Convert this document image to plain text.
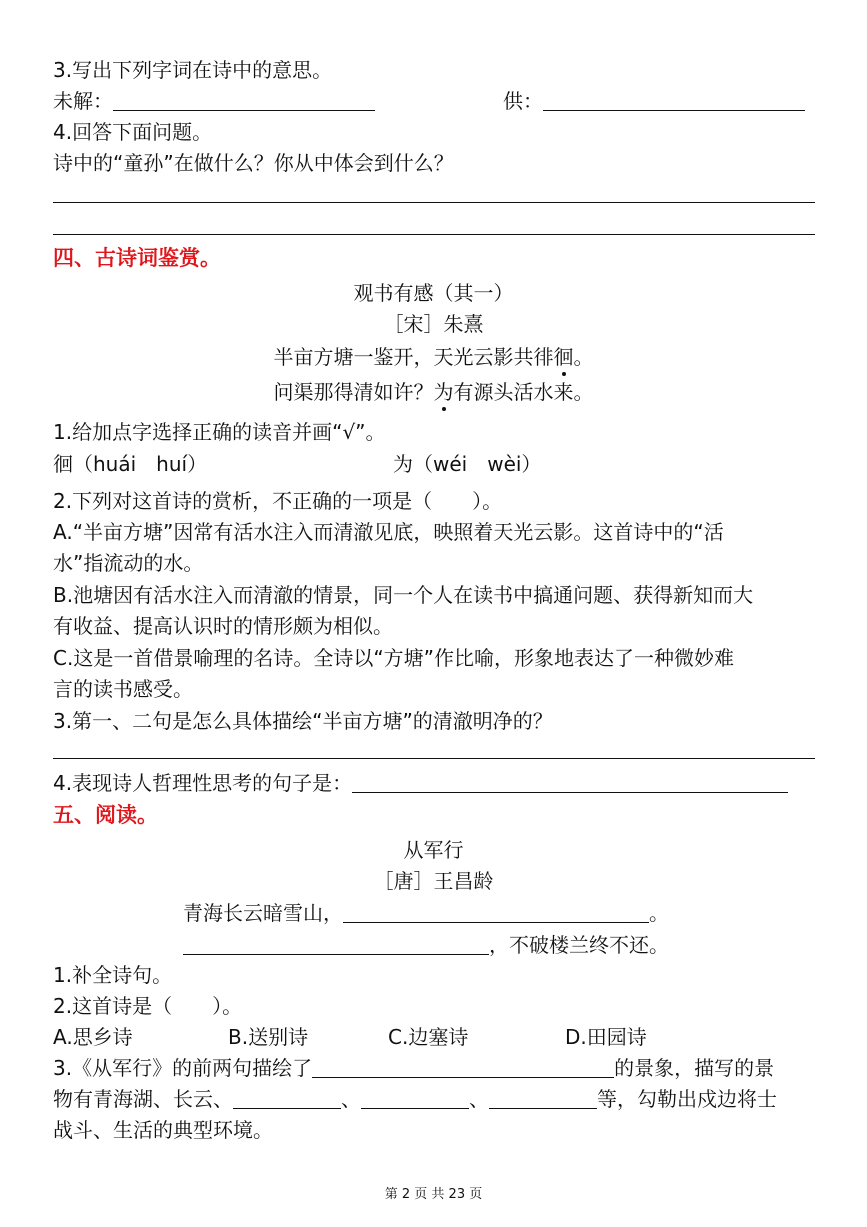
3.写出下列字词在诗中的意思。
未解：	供：
4.回答下面问题。
诗中的“童孙”在做什么？你从中体会到什么？
四、古诗词鉴赏。
观书有感（其一）
［宋］朱熹
半亩方塘一鉴开，天光云影共徘徊。
问渠那得清如许？为有源头活水来。
1.给加点字选择正确的读音并画“√”。
徊（huái　huí）	为（wéi　wèi）
2.下列对这首诗的赏析，不正确的一项是（　　）。
A.“半亩方塘”因常有活水注入而清澈见底，映照着天光云影。这首诗中的“活
水”指流动的水。
B.池塘因有活水注入而清澈的情景，同一个人在读书中搞通问题、获得新知而大
有收益、提高认识时的情形颇为相似。
C.这是一首借景喻理的名诗。全诗以“方塘”作比喻，形象地表达了一种微妙难
言的读书感受。
3.第一、二句是怎么具体描绘“半亩方塘”的清澈明净的？
4.表现诗人哲理性思考的句子是：
五、阅读。
从军行
［唐］王昌龄
青海长云暗雪山，	。
，不破楼兰终不还。
1.补全诗句。
2.这首诗是（　　）。
A.思乡诗	B.送别诗	C.边塞诗	D.田园诗
3.《从军行》的前两句描绘了	的景象，描写的景
物有青海湖、长云、	、	、	等，勾勒出戍边将士
战斗、生活的典型环境。
第 2 页 共 23 页
